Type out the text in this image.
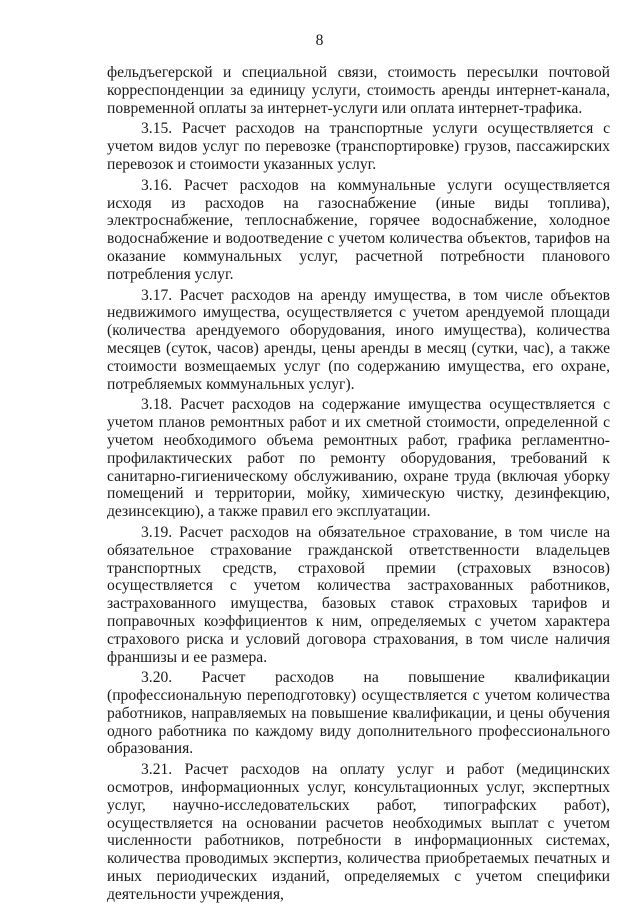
8

фельдъегерской и специальной связи, стоимость пересылки почтовой корреспонденции за единицу услуги, стоимость аренды интернет-канала, повременной оплаты за интернет-услуги или оплата интернет-трафика.

3.15. Расчет расходов на транспортные услуги осуществляется с учетом видов услуг по перевозке (транспортировке) грузов, пассажирских перевозок и стоимости указанных услуг.

3.16. Расчет расходов на коммунальные услуги осуществляется исходя из расходов на газоснабжение (иные виды топлива), электроснабжение, теплоснабжение, горячее водоснабжение, холодное водоснабжение и водоотведение с учетом количества объектов, тарифов на оказание коммунальных услуг, расчетной потребности планового потребления услуг.

3.17. Расчет расходов на аренду имущества, в том числе объектов недвижимого имущества, осуществляется с учетом арендуемой площади (количества арендуемого оборудования, иного имущества), количества месяцев (суток, часов) аренды, цены аренды в месяц (сутки, час), а также стоимости возмещаемых услуг (по содержанию имущества, его охране, потребляемых коммунальных услуг).

3.18. Расчет расходов на содержание имущества осуществляется с учетом планов ремонтных работ и их сметной стоимости, определенной с учетом необходимого объема ремонтных работ, графика регламентно-профилактических работ по ремонту оборудования, требований к санитарно-гигиеническому обслуживанию, охране труда (включая уборку помещений и территории, мойку, химическую чистку, дезинфекцию, дезинсекцию), а также правил его эксплуатации.

3.19. Расчет расходов на обязательное страхование, в том числе на обязательное страхование гражданской ответственности владельцев транспортных средств, страховой премии (страховых взносов) осуществляется с учетом количества застрахованных работников, застрахованного имущества, базовых ставок страховых тарифов и поправочных коэффициентов к ним, определяемых с учетом характера страхового риска и условий договора страхования, в том числе наличия франшизы и ее размера.

3.20. Расчет расходов на повышение квалификации (профессиональную переподготовку) осуществляется с учетом количества работников, направляемых на повышение квалификации, и цены обучения одного работника по каждому виду дополнительного профессионального образования.

3.21. Расчет расходов на оплату услуг и работ (медицинских осмотров, информационных услуг, консультационных услуг, экспертных услуг, научно-исследовательских работ, типографских работ), осуществляется на основании расчетов необходимых выплат с учетом численности работников, потребности в информационных системах, количества проводимых экспертиз, количества приобретаемых печатных и иных периодических изданий, определяемых с учетом специфики деятельности учреждения,
